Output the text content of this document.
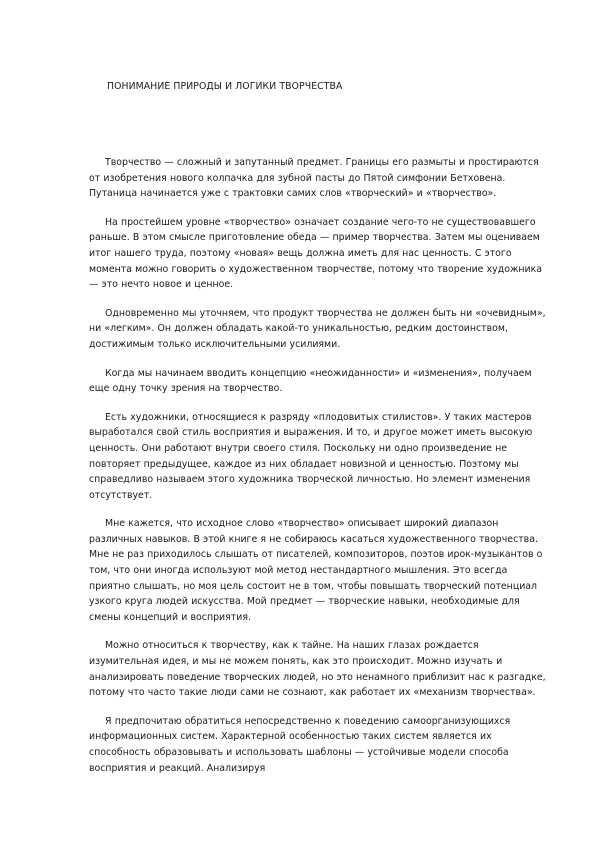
ПОНИМАНИЕ ПРИРОДЫ И ЛОГИКИ ТВОРЧЕСТВА

Творчество — сложный и запутанный предмет. Границы его размыты и простираются от изобретения нового колпачка для зубной пасты до Пятой симфонии Бетховена. Путаница начинается уже с трактовки самих слов «творческий» и «творчество».

На простейшем уровне «творчество» означает создание чего-то не существовавшего раньше. В этом смысле приготовление обеда — пример творчества. Затем мы оцениваем итог нашего труда, поэтому «новая» вещь должна иметь для нас ценность. С этого момента можно говорить о художественном творчестве, потому что творение художника — это нечто новое и ценное.

Одновременно мы уточняем, что продукт творчества не должен быть ни «очевидным», ни «легким». Он должен обладать какой-то уникальностью, редким достоинством, достижимым только исключительными усилиями.

Когда мы начинаем вводить концепцию «неожиданности» и «изменения», получаем еще одну точку зрения на творчество.

Есть художники, относящиеся к разряду «плодовитых стилистов». У таких мастеров выработался свой стиль восприятия и выражения. И то, и другое может иметь высокую ценность. Они работают внутри своего стиля. Поскольку ни одно произведение не повторяет предыдущее, каждое из них обладает новизной и ценностью. Поэтому мы справедливо называем этого художника творческой личностью. Но элемент изменения отсутствует.

Мне кажется, что исходное слово «творчество» описывает широкий диапазон различных навыков. В этой книге я не собираюсь касаться художественного творчества. Мне не раз приходилось слышать от писателей, композиторов, поэтов ирок-музыкантов о том, что они иногда используют мой метод нестандартного мышления. Это всегда приятно слышать, но моя цель состоит не в том, чтобы повышать творческий потенциал узкого круга людей искусства. Мой предмет — творческие навыки, необходимые для смены концепций и восприятия.

Можно относиться к творчеству, как к тайне. На наших глазах рождается изумительная идея, и мы не можем понять, как это происходит. Можно изучать и анализировать поведение творческих людей, но это ненамного приблизит нас к разгадке, потому что часто такие люди сами не сознают, как работает их «механизм творчества».

Я предпочитаю обратиться непосредственно к поведению самоорганизующихся информационных систем. Характерной особенностью таких систем является их способность образовывать и использовать шаблоны — устойчивые модели способа восприятия и реакций. Анализируя
